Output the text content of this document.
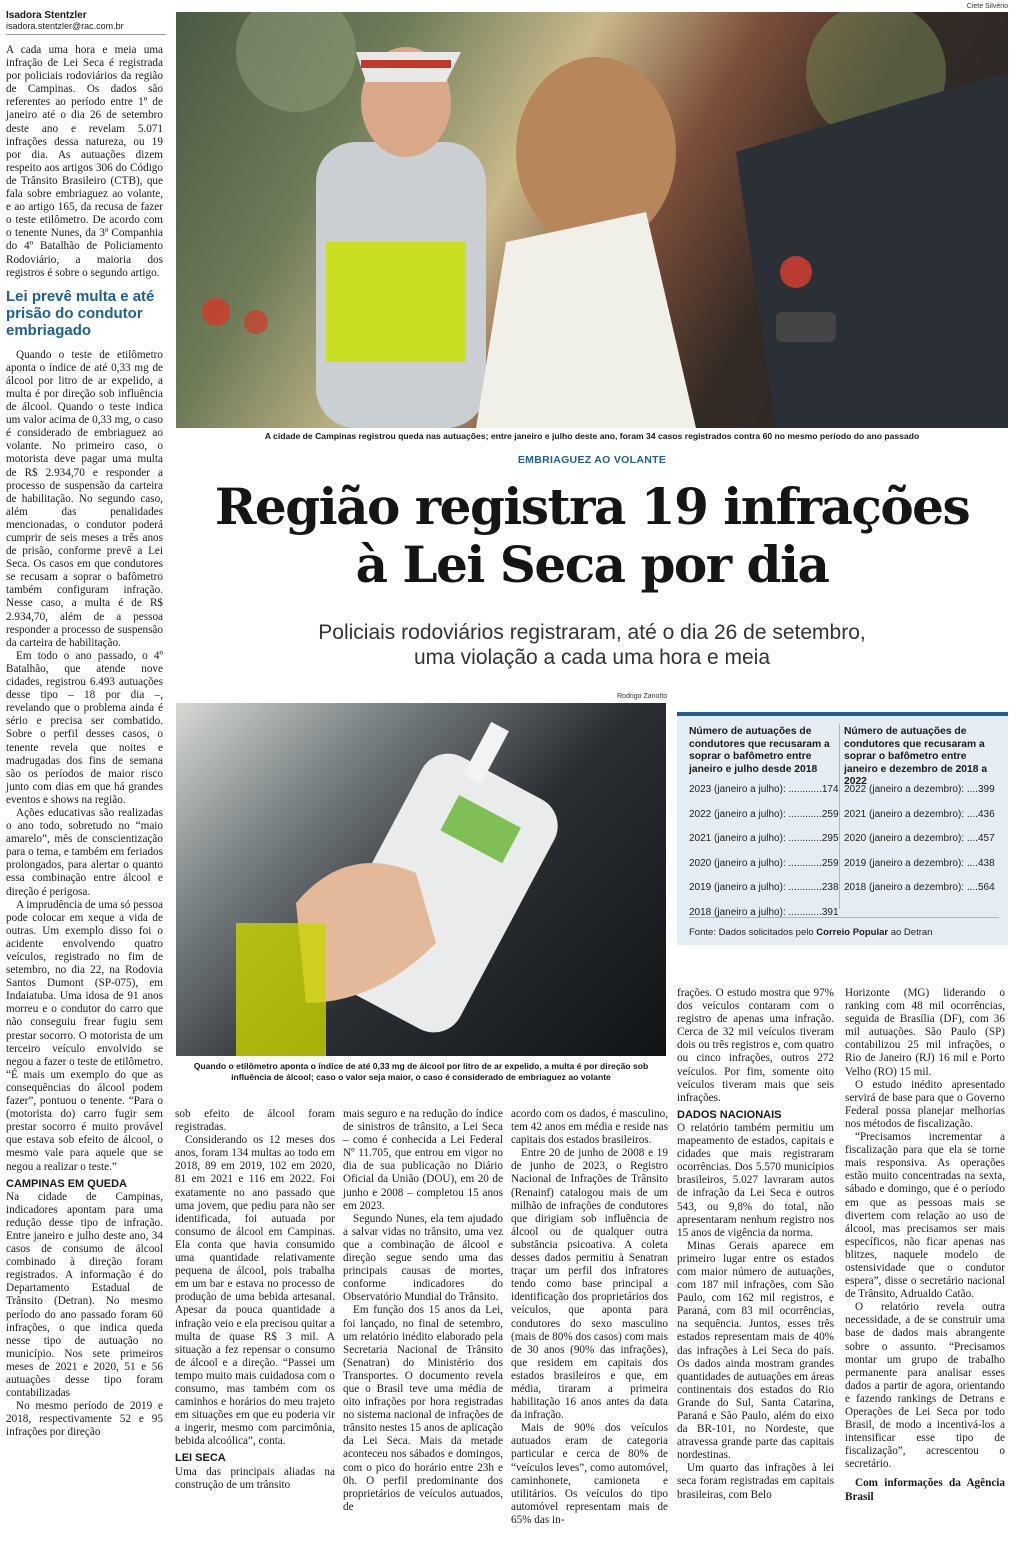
Ciete Silvério
Isadora Stentzler
isadora.stentzler@rac.com.br

A cada uma hora e meia uma infração de Lei Seca é registrada por policiais rodoviários da região de Campinas. Os dados são referentes ao período entre 1º de janeiro até o dia 26 de setembro deste ano e revelam 5.071 infrações dessa natureza, ou 19 por dia. As autuações dizem respeito aos artigos 306 do Código de Trânsito Brasileiro (CTB), que fala sobre embriaguez ao volante, e ao artigo 165, da recusa de fazer o teste etilômetro. De acordo com o tenente Nunes, da 3ª Companhia do 4º Batalhão de Policiamento Rodoviário, a maioria dos registros é sobre o segundo artigo.

Lei prevê multa e até prisão do condutor embriagado

Quando o teste de etilômetro aponta o índice de até 0,33 mg de álcool por litro de ar expelido, a multa é por direção sob influência de álcool. Quando o teste indica um valor acima de 0,33 mg, o caso é considerado de embriaguez ao volante. No primeiro caso, o motorista deve pagar uma multa de R$ 2.934,70 e responder a processo de suspensão da carteira de habilitação. No segundo caso, além das penalidades mencionadas, o condutor poderá cumprir de seis meses a três anos de prisão, conforme prevê a Lei Seca. Os casos em que condutores se recusam a soprar o bafômetro também configuram infração. Nesse caso, a multa é de R$ 2.934,70, além de a pessoa responder a processo de suspensão da carteira de habilitação.

Em todo o ano passado, o 4º Batalhão, que atende nove cidades, registrou 6.493 autuações desse tipo – 18 por dia –, revelando que o problema ainda é sério e precisa ser combatido. Sobre o perfil desses casos, o tenente revela que noites e madrugadas dos fins de semana são os períodos de maior risco junto com dias em que há grandes eventos e shows na região.

Ações educativas são realizadas o ano todo, sobretudo no “maio amarelo”, mês de conscientização para o tema, e também em feriados prolongados, para alertar o quanto essa combinação entre álcool e direção é perigosa.

A imprudência de uma só pessoa pode colocar em xeque a vida de outras. Um exemplo disso foi o acidente envolvendo quatro veículos, registrado no fim de setembro, no dia 22, na Rodovia Santos Dumont (SP-075), em Indaiatuba. Uma idosa de 91 anos morreu e o condutor do carro que não conseguiu frear fugiu sem prestar socorro. O motorista de um terceiro veículo envolvido se negou a fazer o teste de etilômetro. “É mais um exemplo do que as consequências do álcool podem fazer”, pontuou o tenente. “Para o (motorista do) carro fugir sem prestar socorro é muito provável que estava sob efeito de álcool, o mesmo vale para aquele que se negou a realizar o teste.”

CAMPINAS EM QUEDA

Na cidade de Campinas, indicadores apontam para uma redução desse tipo de infração. Entre janeiro e julho deste ano, 34 casos de consumo de álcool combinado à direção foram registrados. A informação é do Departamento Estadual de Trânsito (Detran). No mesmo período do ano passado foram 60 infrações, o que indica queda nesse tipo de autuação no município. Nos sete primeiros meses de 2021 e 2020, 51 e 56 autuações desse tipo foram contabilizadas

No mesmo período de 2019 e 2018, respectivamente 52 e 95 infrações por direção

A cidade de Campinas registrou queda nas autuações; entre janeiro e julho deste ano, foram 34 casos registrados contra 60 no mesmo período do ano passado
EMBRIAGUEZ AO VOLANTE
Região registra 19 infrações
à Lei Seca por dia
Policiais rodoviários registraram, até o dia 26 de setembro,
uma violação a cada uma hora e meia
Rodrigo Zanotto
Quando o etilômetro aponta o índice de até 0,33 mg de álcool por litro de ar expelido, a multa é por direção sob influência de álcool; caso o valor seja maior, o caso é considerado de embriaguez ao volante
Número de autuações de condutores que recusaram a soprar o bafômetro entre janeiro e julho desde 2018
Número de autuações de condutores que recusaram a soprar o bafômetro entre janeiro e dezembro de 2018 a 2022
2023 (janeiro a julho): ............174
2022 (janeiro a julho): ............259
2021 (janeiro a julho): ............295
2020 (janeiro a julho): ............259
2019 (janeiro a julho): ............238
2018 (janeiro a julho): ............391
2022 (janeiro a dezembro): ....399
2021 (janeiro a dezembro): ....436
2020 (janeiro a dezembro): ....457
2019 (janeiro a dezembro): ....438
2018 (janeiro a dezembro): ....564
Fonte: Dados solicitados pelo Correio Popular ao Detran

sob efeito de álcool foram registradas.

Considerando os 12 meses dos anos, foram 134 multas ao todo em 2018, 89 em 2019, 102 em 2020, 81 em 2021 e 116 em 2022. Foi exatamente no ano passado que uma jovem, que pediu para não ser identificada, foi autuada por consumo de álcool em Campinas. Ela conta que havia consumido uma quantidade relativamente pequena de álcool, pois trabalha em um bar e estava no processo de produção de uma bebida artesanal. Apesar da pouca quantidade a infração veio e ela precisou quitar a multa de quase R$ 3 mil. A situação a fez repensar o consumo de álcool e a direção. “Passei um tempo muito mais cuidadosa com o consumo, mas também com os caminhos e horários do meu trajeto em situações em que eu poderia vir a ingerir, mesmo com parcimônia, bebida alcoólica”, conta.

LEI SECA

Uma das principais aliadas na construção de um trânsito

mais seguro e na redução do índice de sinistros de trânsito, a Lei Seca – como é conhecida a Lei Federal Nº 11.705, que entrou em vigor no dia de sua publicação no Diário Oficial da União (DOU), em 20 de junho e 2008 – completou 15 anos em 2023.

Segundo Nunes, ela tem ajudado a salvar vidas no trânsito, uma vez que a combinação de álcool e direção segue sendo uma das principais causas de mortes, conforme indicadores do Observatório Mundial do Trânsito.

Em função dos 15 anos da Lei, foi lançado, no final de setembro, um relatório inédito elaborado pela Secretaria Nacional de Trânsito (Senatran) do Ministério dos Transportes. O documento revela que o Brasil teve uma média de oito infrações por hora registradas no sistema nacional de infrações de trânsito nestes 15 anos de aplicação da Lei Seca. Mais da metade aconteceu nos sábados e domingos, com o pico do horário entre 23h e 0h. O perfil predominante dos proprietários de veículos autuados, de

acordo com os dados, é masculino, tem 42 anos em média e reside nas capitais dos estados brasileiros.

Entre 20 de junho de 2008 e 19 de junho de 2023, o Registro Nacional de Infrações de Trânsito (Renainf) catalogou mais de um milhão de infrações de condutores que dirigiam sob influência de álcool ou de qualquer outra substância psicoativa. A coleta desses dados permitiu à Senatran traçar um perfil dos infratores tendo como base principal a identificação dos proprietários dos veículos, que aponta para condutores do sexo masculino (mais de 80% dos casos) com mais de 30 anos (90% das infrações), que residem em capitais dos estados brasileiros e que, em média, tiraram a primeira habilitação 16 anos antes da data da infração.

Mais de 90% dos veículos autuados eram de categoria particular e cerca de 80% de “veículos leves”, como automóvel, caminhonete, camioneta e utilitários. Os veículos do tipo automóvel representam mais de 65% das in-

frações. O estudo mostra que 97% dos veículos contaram com o registro de apenas uma infração. Cerca de 32 mil veículos tiveram dois ou três registros e, com quatro ou cinco infrações, outros 272 veículos. Por fim, somente oito veículos tiveram mais que seis infrações.

DADOS NACIONAIS

O relatório também permitiu um mapeamento de estados, capitais e cidades que mais registraram ocorrências. Dos 5.570 municípios brasileiros, 5.027 lavraram autos de infração da Lei Seca e outros 543, ou 9,8% do total, não apresentaram nenhum registro nos 15 anos de vigência da norma.

Minas Gerais aparece em primeiro lugar entre os estados com maior número de autuações, com 187 mil infrações, com São Paulo, com 162 mil registros, e Paraná, com 83 mil ocorrências, na sequência. Juntos, esses três estados representam mais de 40% das infrações à Lei Seca do país. Os dados ainda mostram grandes quantidades de autuações em áreas continentais dos estados do Rio Grande do Sul, Santa Catarina, Paraná e São Paulo, além do eixo da BR-101, no Nordeste, que atravessa grande parte das capitais nordestinas.

Um quarto das infrações à lei seca foram registradas em capitais brasileiras, com Belo

Horizonte (MG) liderando o ranking com 48 mil ocorrências, seguida de Brasília (DF), com 36 mil autuações. São Paulo (SP) contabilizou 25 mil infrações, o Rio de Janeiro (RJ) 16 mil e Porto Velho (RO) 15 mil.

O estudo inédito apresentado servirá de base para que o Governo Federal possa planejar melhorias nos métodos de fiscalização.

“Precisamos incrementar a fiscalização para que ela se torne mais responsiva. As operações estão muito concentradas na sexta, sábado e domingo, que é o período em que as pessoas mais se divertem com relação ao uso de álcool, mas precisamos ser mais específicos, não ficar apenas nas blitzes, naquele modelo de ostensividade que o condutor espera”, disse o secretário nacional de Trânsito, Adrualdo Catão.

O relatório revela outra necessidade, a de se construir uma base de dados mais abrangente sobre o assunto. “Precisamos montar um grupo de trabalho permanente para analisar esses dados a partir de agora, orientando e fazendo rankings de Detrans e Operações de Lei Seca por todo Brasil, de modo a incentivá-los a intensificar esse tipo de fiscalização”, acrescentou o secretário.

Com informações da Agência Brasil
